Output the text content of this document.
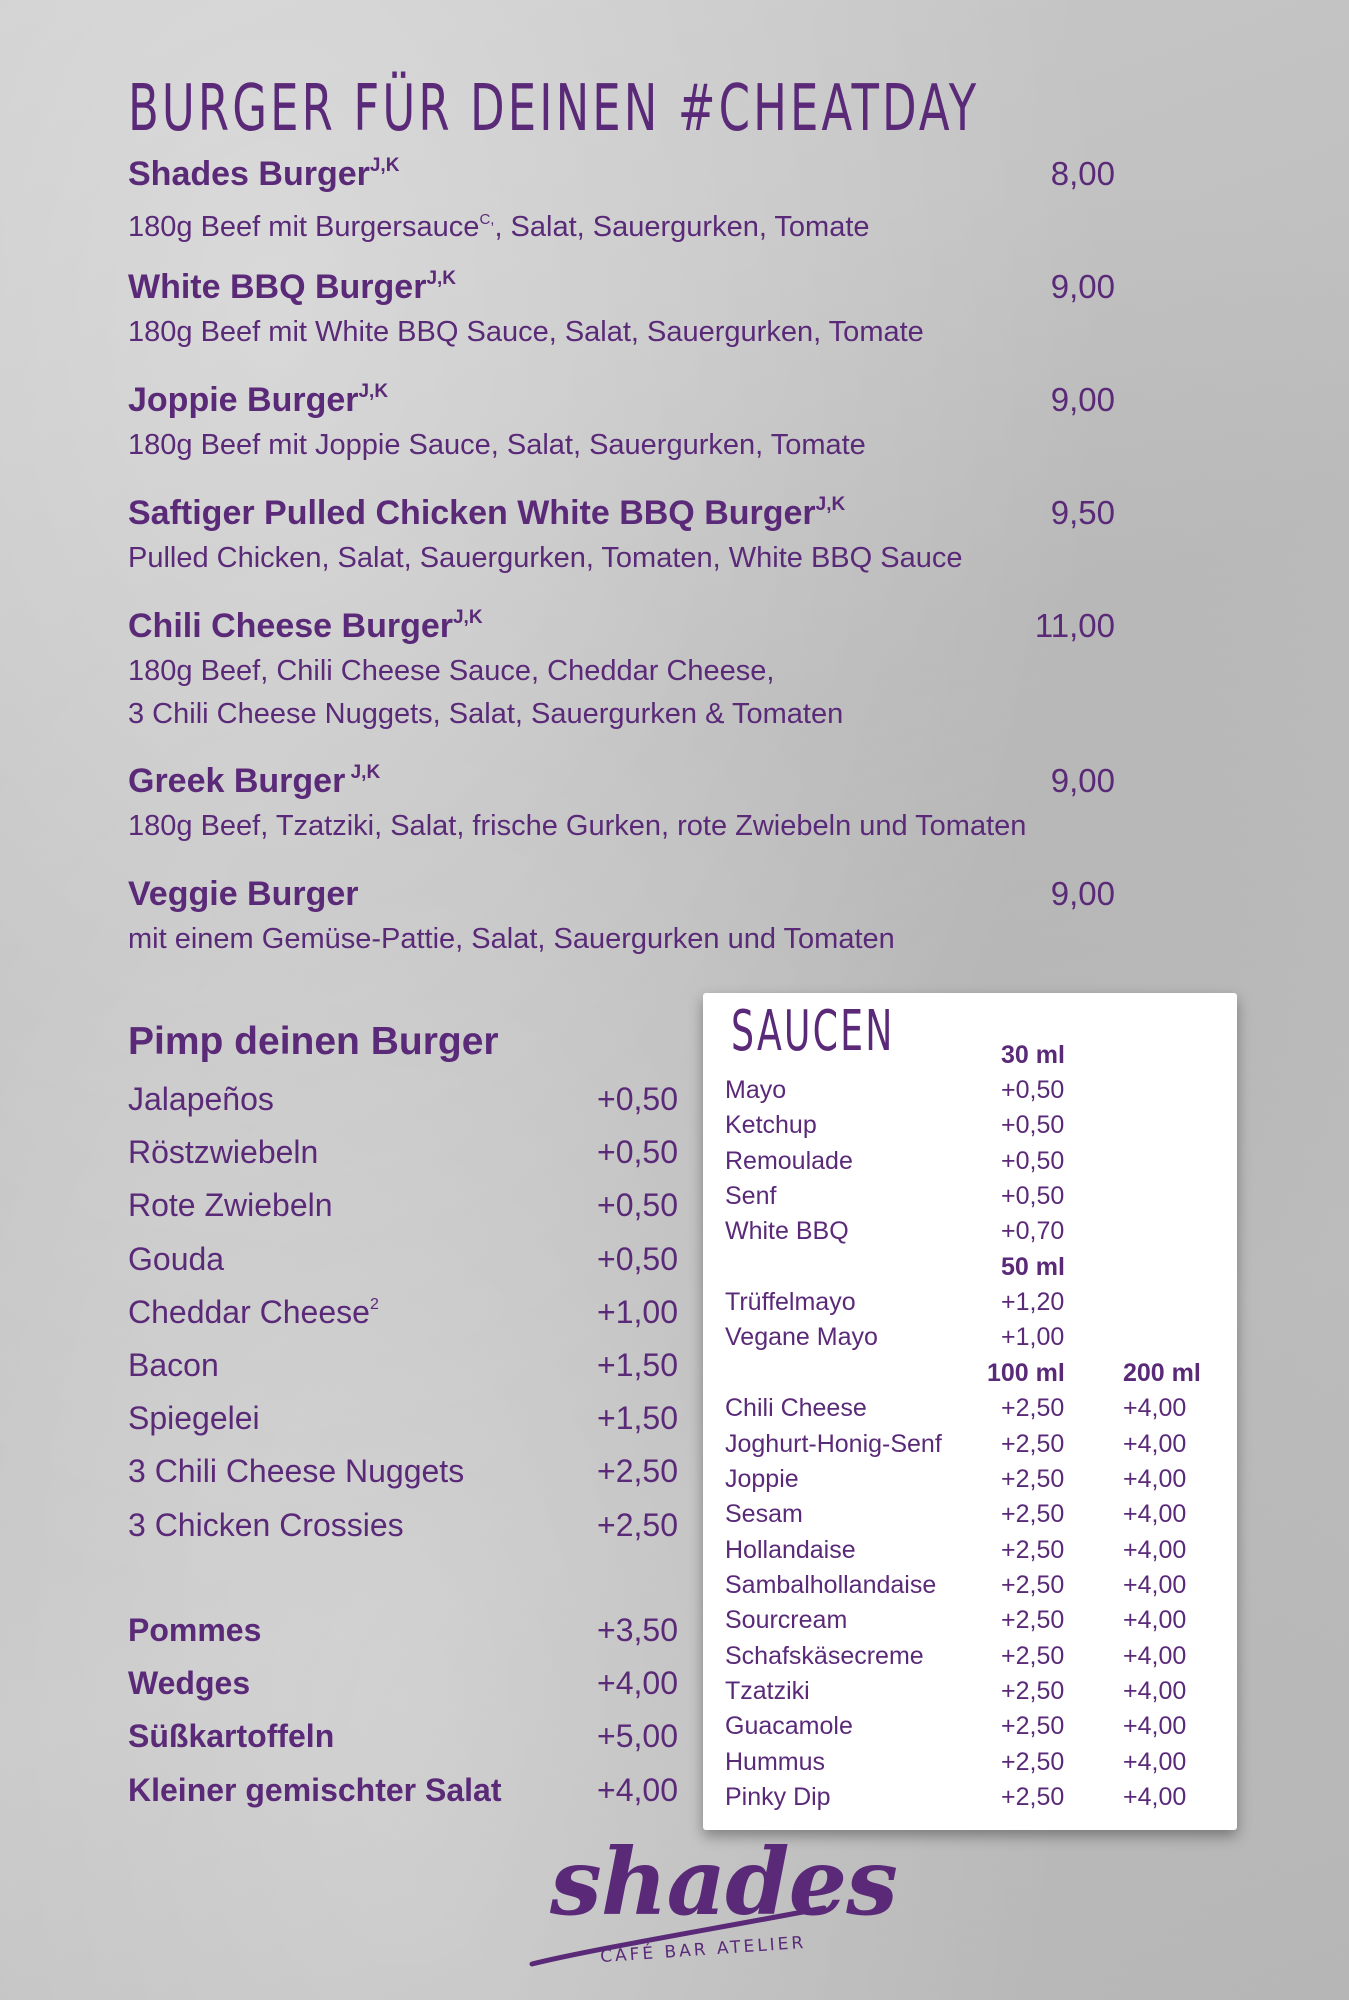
BURGER FÜR DEINEN #CHEATDAY
Shades Burger$^{J,K}$	8,00
180g Beef mit Burgersauce$^{C,}$, Salat, Sauergurken, Tomate
White BBQ Burger$^{J,K}$	9,00
180g Beef mit White BBQ Sauce, Salat, Sauergurken, Tomate
Joppie Burger$^{J,K}$	9,00
180g Beef mit Joppie Sauce, Salat, Sauergurken, Tomate
Saftiger Pulled Chicken White BBQ Burger$^{J,K}$	9,50
Pulled Chicken, Salat, Sauergurken, Tomaten, White BBQ Sauce
Chili Cheese Burger$^{J,K}$	11,00
180g Beef, Chili Cheese Sauce, Cheddar Cheese,
3 Chili Cheese Nuggets, Salat, Sauergurken & Tomaten
Greek Burger $^{J,K}$	9,00
180g Beef, Tzatziki, Salat, frische Gurken, rote Zwiebeln und Tomaten
Veggie Burger	9,00
mit einem Gemüse-Pattie, Salat, Sauergurken und Tomaten
Pimp deinen Burger
Jalapeños	+0,50
Röstzwiebeln	+0,50
Rote Zwiebeln	+0,50
Gouda	+0,50
Cheddar Cheese$^2$	+1,00
Bacon	+1,50
Spiegelei	+1,50
3 Chili Cheese Nuggets	+2,50
3 Chicken Crossies	+2,50
Pommes	+3,50
Wedges	+4,00
Süßkartoffeln	+5,00
Kleiner gemischter Salat	+4,00
SAUCEN	30 ml
Mayo	+0,50
Ketchup	+0,50
Remoulade	+0,50
Senf	+0,50
White BBQ	+0,70
50 ml
Trüffelmayo	+1,20
Vegane Mayo	+1,00
100 ml 200 ml
Chili Cheese	+2,50 +4,00
Joghurt-Honig-Senf +2,50 +4,00
Joppie	+2,50 +4,00
Sesam	+2,50 +4,00
Hollandaise	+2,50 +4,00
Sambalhollandaise	+2,50 +4,00
Sourcream	+2,50 +4,00
Schafskäsecreme	+2,50 +4,00
Tzatziki	+2,50 +4,00
Guacamole	+2,50 +4,00
Hummus	+2,50 +4,00
Pinky Dip	+2,50 +4,00
shades
CAFÉ BAR ATELIER
